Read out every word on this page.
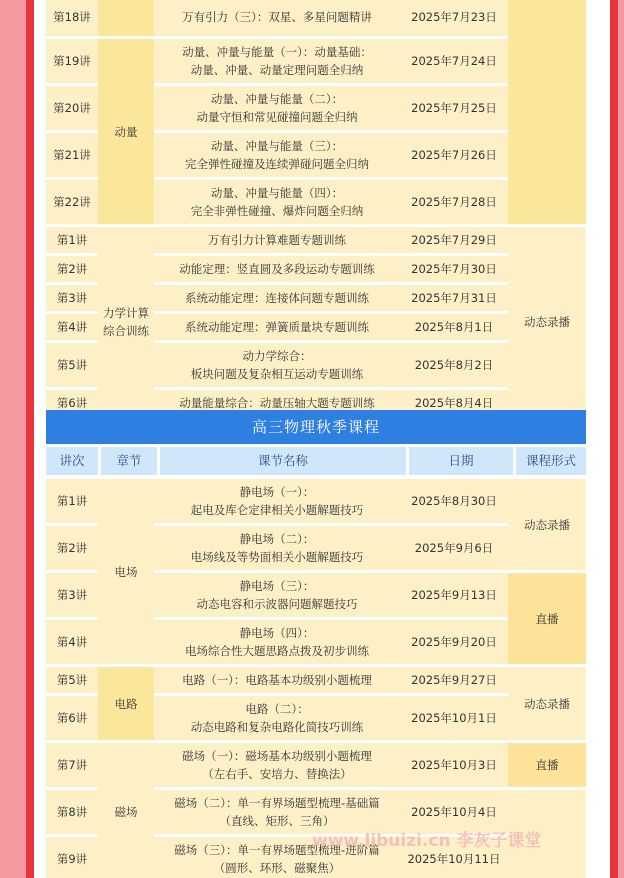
第18讲		万有引力（三）：双星、多星问题精讲	2025年7月23日	
第19讲	动量	动量、冲量与能量（一）：动量基础：
动量、冲量、动量定理问题全归纳	2025年7月24日	
第20讲		动量、冲量与能量（二）：
动量守恒和常见碰撞问题全归纳	2025年7月25日	
第21讲		动量、冲量与能量（三）：
完全弹性碰撞及连续弹碰问题全归纳	2025年7月26日	
第22讲		动量、冲量与能量（四）：
完全非弹性碰撞、爆炸问题全归纳	2025年7月28日	
第1讲	力学计算
综合训练	万有引力计算难题专题训练	2025年7月29日	动态录播
第2讲		动能定理：竖直圆及多段运动专题训练	2025年7月30日	
第3讲		系统动能定理：连接体问题专题训练	2025年7月31日	
第4讲		系统动能定理：弹簧质量块专题训练	2025年8月1日	
第5讲		动力学综合：
板块问题及复杂相互运动专题训练	2025年8月2日	
第6讲		动量能量综合：动量压轴大题专题训练	2025年8月4日	
高三物理秋季课程
讲次	章节	课节名称	日期	课程形式
第1讲	电场	静电场（一）：
起电及库仑定律相关小题解题技巧	2025年8月30日	动态录播
第2讲		静电场（二）：
电场线及等势面相关小题解题技巧	2025年9月6日	
第3讲		静电场（三）：
动态电容和示波器问题解题技巧	2025年9月13日	直播
第4讲		静电场（四）：
电场综合性大题思路点拨及初步训练	2025年9月20日	
第5讲	电路	电路（一）：电路基本功级别小题梳理	2025年9月27日	动态录播
第6讲		电路（二）：
动态电路和复杂电路化简技巧训练	2025年10月1日	
第7讲	磁场	磁场（一）：磁场基本功级别小题梳理
（左右手、安培力、替换法）	2025年10月3日	直播
第8讲		磁场（二）：单一有界场题型梳理-基础篇
（直线、矩形、三角）	2025年10月4日	
第9讲		磁场（三）：单一有界场题型梳理-进阶篇
（圆形、环形、磁聚焦）	2025年10月11日	
www.libuizi.cn 李灰子课堂
